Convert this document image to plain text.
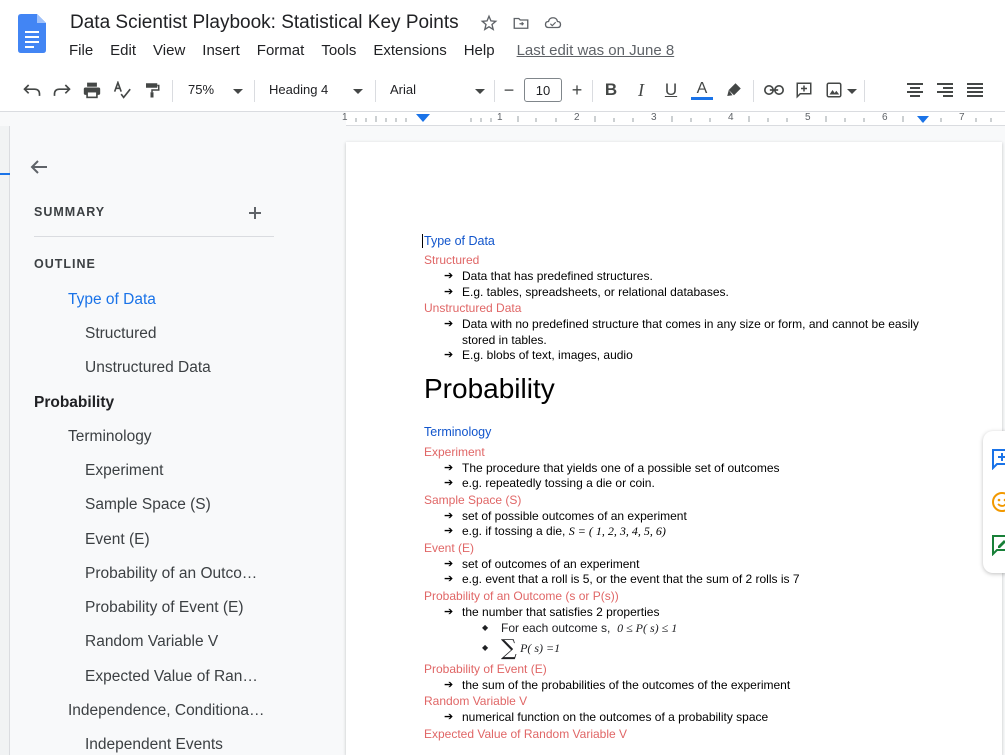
Data Scientist Playbook: Statistical Key Points
File Edit View Insert Format Tools Extensions Help Last edit was on June 8
75%	Heading 4	Arial	−	+	B	I	U	A
10
1	1	2	3	4	5	6	7
SUMMARY
OUTLINE
Type of Data
Structured
Unstructured Data
Probability
Terminology
Experiment
Sample Space (S)
Event (E)
Probability of an Outco…
Probability of Event (E)
Random Variable V
Expected Value of Ran…
Independence, Conditiona…
Independent Events
Type of Data
Structured
➔ Data that has predefined structures.
➔ E.g. tables, spreadsheets, or relational databases.
Unstructured Data
➔ Data with no predefined structure that comes in any size or form, and cannot be easily stored in tables.
➔ E.g. blobs of text, images, audio
Probability
Terminology
Experiment
➔ The procedure that yields one of a possible set of outcomes
➔ e.g. repeatedly tossing a die or coin.
Sample Space (S)
➔ set of possible outcomes of an experiment
➔ e.g. if tossing a die, S = ( 1, 2, 3, 4, 5, 6)
Event (E)
➔ set of outcomes of an experiment
➔ e.g. event that a roll is 5, or the event that the sum of 2 rolls is 7
Probability of an Outcome (s or P(s))
➔ the number that satisfies 2 properties
◆ For each outcome s, 0 ≤ P( s) ≤ 1
◆ ∑ P( s) =1
Probability of Event (E)
➔ the sum of the probabilities of the outcomes of the experiment
Random Variable V
➔ numerical function on the outcomes of a probability space
Expected Value of Random Variable V
